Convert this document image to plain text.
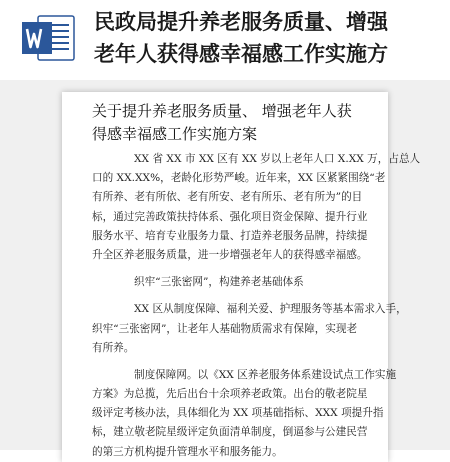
民政局提升养老服务质量、增强
老年人获得感幸福感工作实施方
关于提升养老服务质量、 增强老年人获
得感幸福感工作实施方案
XX 省 XX 市 XX 区有 XX 岁以上老年人口 X.XX 万，占总人
口的 XX.XX%，老龄化形势严峻。近年来，XX 区紧紧围绕“老
有所养、老有所依、老有所安、老有所乐、老有所为”的目
标，通过完善政策扶持体系、强化项目资金保障、提升行业
服务水平、培育专业服务力量、打造养老服务品牌，持续提
升全区养老服务质量，进一步增强老年人的获得感幸福感。
织牢“三张密网”，构建养老基础体系
XX 区从制度保障、福利关爱、护理服务等基本需求入手，
织牢“三张密网”，让老年人基础物质需求有保障，实现老
有所养。
制度保障网。以《XX 区养老服务体系建设试点工作实施
方案》为总揽，先后出台十余项养老政策。出台的敬老院星
级评定考核办法，具体细化为 XX 项基础指标、XXX 项提升指
标，建立敬老院星级评定负面清单制度，倒逼参与公建民营
的第三方机构提升管理水平和服务能力。
